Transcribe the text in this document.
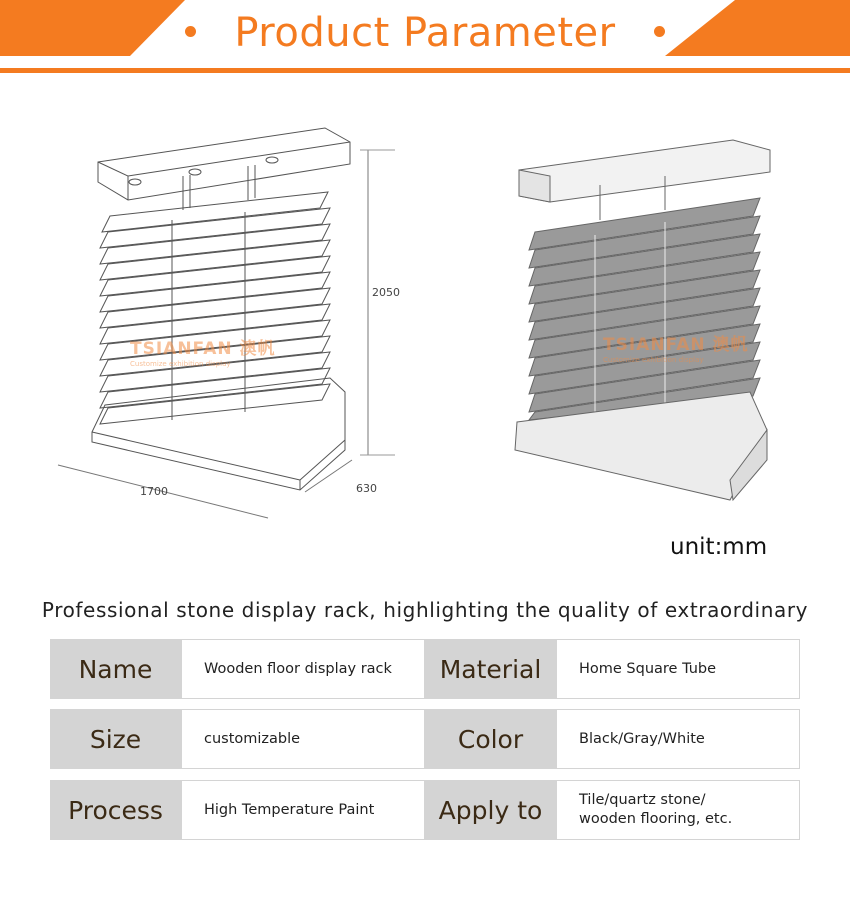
Product Parameter
2050
1700	630
TSIANFAN 澳帆
Customize exhibition display
TSIANFAN 澳帆
Customize exhibition display
unit:mm
Professional stone display rack, highlighting the quality of extraordinary
Name	Wooden floor display rack	Material	Home Square Tube
Size	customizable	Color	Black/Gray/White
Process	High Temperature Paint	Apply to	Tile/quartz stone/
wooden flooring, etc.
